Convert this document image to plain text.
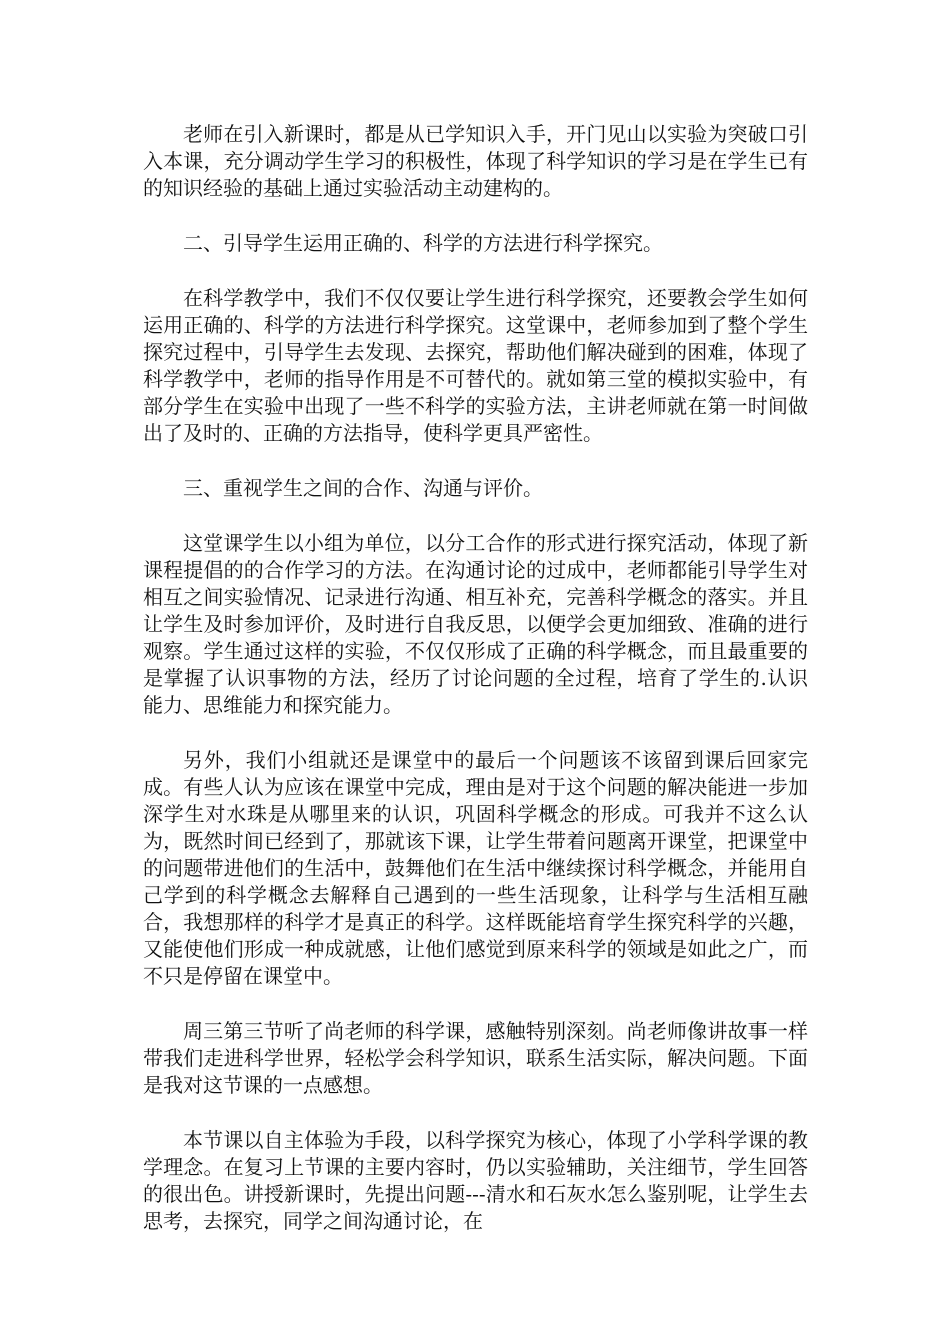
老师在引入新课时，都是从已学知识入手，开门见山以实验为突破口引入本课，充分调动学生学习的积极性，体现了科学知识的学习是在学生已有的知识经验的基础上通过实验活动主动建构的。

二、引导学生运用正确的、科学的方法进行科学探究。

在科学教学中，我们不仅仅要让学生进行科学探究，还要教会学生如何运用正确的、科学的方法进行科学探究。这堂课中，老师参加到了整个学生探究过程中，引导学生去发现、去探究，帮助他们解决碰到的困难，体现了科学教学中，老师的指导作用是不可替代的。就如第三堂的模拟实验中，有部分学生在实验中出现了一些不科学的实验方法，主讲老师就在第一时间做出了及时的、正确的方法指导，使科学更具严密性。

三、重视学生之间的合作、沟通与评价。

这堂课学生以小组为单位，以分工合作的形式进行探究活动，体现了新课程提倡的的合作学习的方法。在沟通讨论的过成中，老师都能引导学生对相互之间实验情况、记录进行沟通、相互补充，完善科学概念的落实。并且让学生及时参加评价，及时进行自我反思，以便学会更加细致、准确的进行观察。学生通过这样的实验，不仅仅形成了正确的科学概念，而且最重要的是掌握了认识事物的方法，经历了讨论问题的全过程，培育了学生的.认识能力、思维能力和探究能力。

另外，我们小组就还是课堂中的最后一个问题该不该留到课后回家完成。有些人认为应该在课堂中完成，理由是对于这个问题的解决能进一步加深学生对水珠是从哪里来的认识，巩固科学概念的形成。可我并不这么认为，既然时间已经到了，那就该下课，让学生带着问题离开课堂，把课堂中的问题带进他们的生活中，鼓舞他们在生活中继续探讨科学概念，并能用自己学到的科学概念去解释自己遇到的一些生活现象，让科学与生活相互融合，我想那样的科学才是真正的科学。这样既能培育学生探究科学的兴趣，又能使他们形成一种成就感，让他们感觉到原来科学的领域是如此之广，而不只是停留在课堂中。

周三第三节听了尚老师的科学课，感触特别深刻。尚老师像讲故事一样带我们走进科学世界，轻松学会科学知识，联系生活实际，解决问题。下面是我对这节课的一点感想。

本节课以自主体验为手段，以科学探究为核心，体现了小学科学课的教学理念。在复习上节课的主要内容时，仍以实验辅助，关注细节，学生回答的很出色。讲授新课时，先提出问题---清水和石灰水怎么鉴别呢，让学生去思考，去探究，同学之间沟通讨论，在
